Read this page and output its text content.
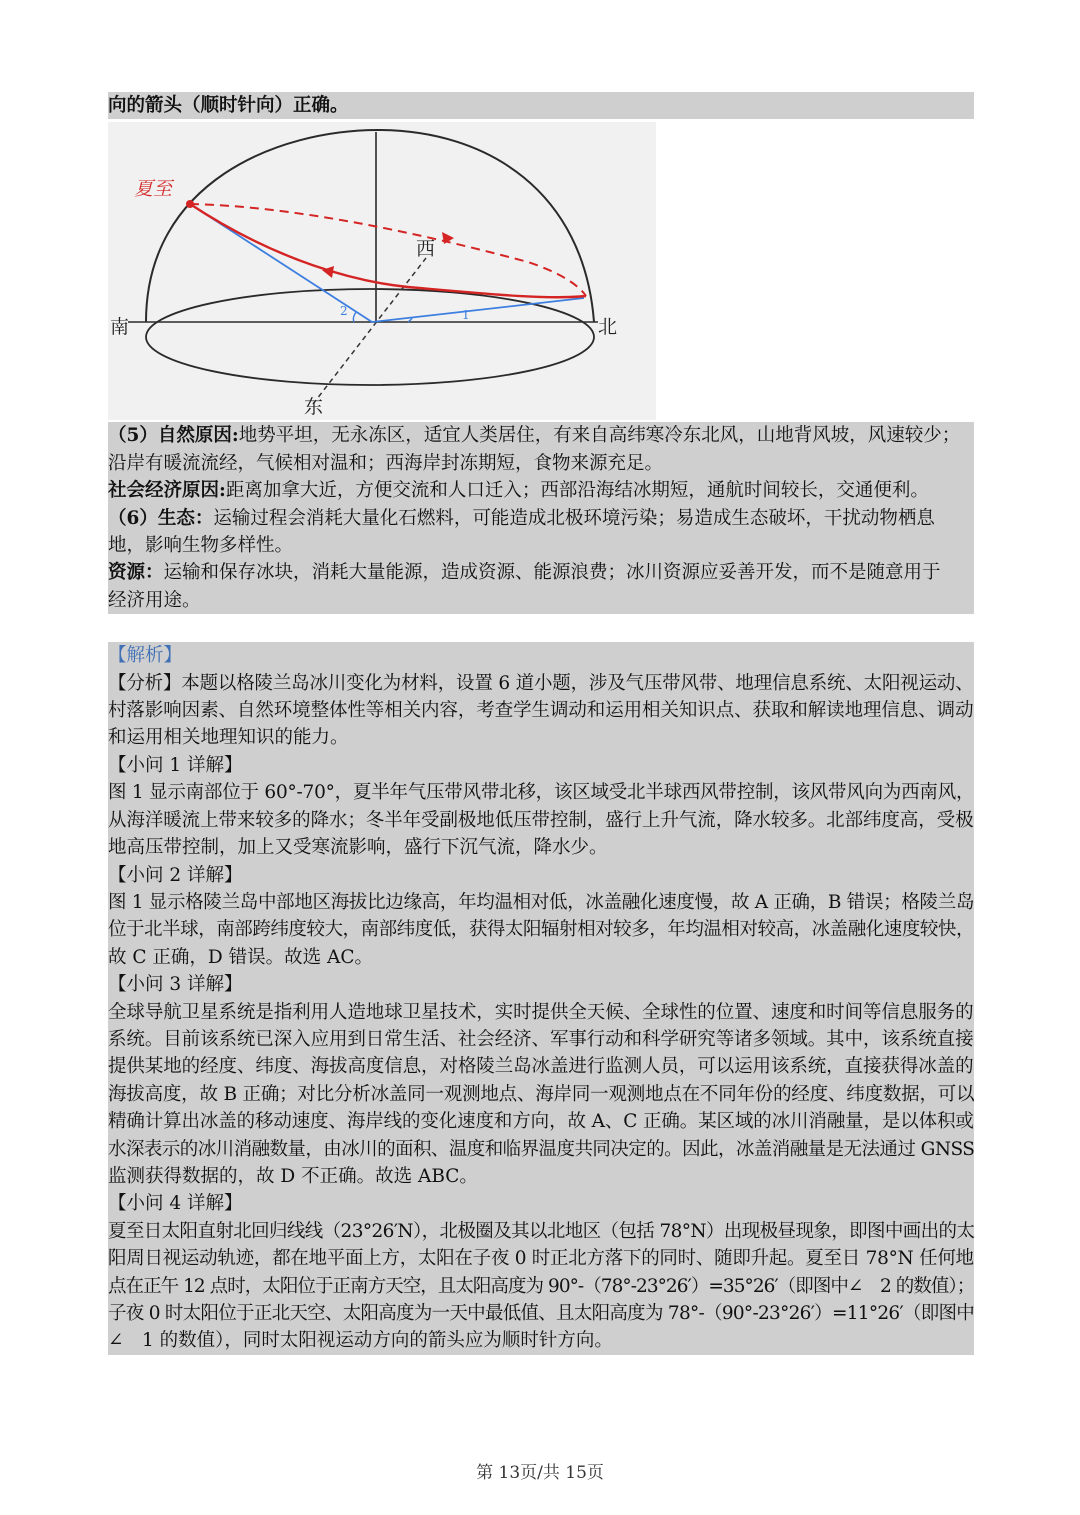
向的箭头（顺时针向）正确。
南	北
西
东
夏至
2	1
（5）自然原因:地势平坦，无永冻区，适宜人类居住，有来自高纬寒冷东北风，山地背风坡，风速较少；
沿岸有暖流流经，气候相对温和；西海岸封冻期短，食物来源充足。
社会经济原因:距离加拿大近，方便交流和人口迁入；西部沿海结冰期短，通航时间较长，交通便利。
（6）生态：运输过程会消耗大量化石燃料，可能造成北极环境污染；易造成生态破坏，干扰动物栖息
地，影响生物多样性。
资源：运输和保存冰块，消耗大量能源，造成资源、能源浪费；冰川资源应妥善开发，而不是随意用于
经济用途。
【解析】
【分析】本题以格陵兰岛冰川变化为材料，设置 6 道小题，涉及气压带风带、地理信息系统、太阳视运动、
村落影响因素、自然环境整体性等相关内容，考查学生调动和运用相关知识点、获取和解读地理信息、调动
和运用相关地理知识的能力。
【小问 1 详解】
图 1 显示南部位于 60°-70°，夏半年气压带风带北移，该区域受北半球西风带控制，该风带风向为西南风，
从海洋暖流上带来较多的降水；冬半年受副极地低压带控制，盛行上升气流，降水较多。北部纬度高，受极
地高压带控制，加上又受寒流影响，盛行下沉气流，降水少。
【小问 2 详解】
图 1 显示格陵兰岛中部地区海拔比边缘高，年均温相对低，冰盖融化速度慢，故 A 正确，B 错误；格陵兰岛
位于北半球，南部跨纬度较大，南部纬度低，获得太阳辐射相对较多，年均温相对较高，冰盖融化速度较快，
故 C 正确，D 错误。故选 AC。
【小问 3 详解】
全球导航卫星系统是指利用人造地球卫星技术，实时提供全天候、全球性的位置、速度和时间等信息服务的
系统。目前该系统已深入应用到日常生活、社会经济、军事行动和科学研究等诸多领域。其中，该系统直接
提供某地的经度、纬度、海拔高度信息，对格陵兰岛冰盖进行监测人员，可以运用该系统，直接获得冰盖的
海拔高度，故 B 正确；对比分析冰盖同一观测地点、海岸同一观测地点在不同年份的经度、纬度数据，可以
精确计算出冰盖的移动速度、海岸线的变化速度和方向，故 A、C 正确。某区域的冰川消融量，是以体积或
水深表示的冰川消融数量，由冰川的面积、温度和临界温度共同决定的。因此，冰盖消融量是无法通过 GNSS
监测获得数据的，故 D 不正确。故选 ABC。
【小问 4 详解】
夏至日太阳直射北回归线线（23°26′N），北极圈及其以北地区（包括 78°N）出现极昼现象，即图中画出的太
阳周日视运动轨迹，都在地平面上方，太阳在子夜 0 时正北方落下的同时、随即升起。夏至日 78°N 任何地
点在正午 12 点时，太阳位于正南方天空，且太阳高度为 90°-（78°-23°26′）=35°26′（即图中∠　2 的数值）；
子夜 0 时太阳位于正北天空、太阳高度为一天中最低值、且太阳高度为 78°-（90°-23°26′）=11°26′（即图中
∠　1 的数值），同时太阳视运动方向的箭头应为顺时针方向。
第 13页/共 15页
